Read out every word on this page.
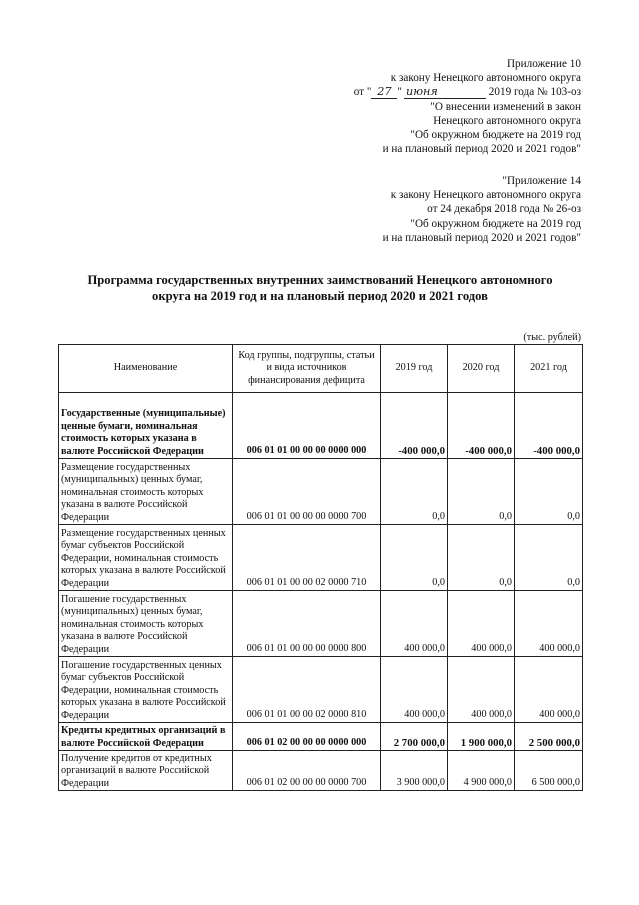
Приложение 10
к закону Ненецкого автономного округа
от " 27 " июня	2019 года № 103-оз
"О внесении изменений в закон
Ненецкого автономного округа
"Об окружном бюджете на 2019 год
и на плановый период 2020 и 2021 годов"
"Приложение 14
к закону Ненецкого автономного округа
от 24 декабря 2018 года № 26-оз
"Об окружном бюджете на 2019 год
и на плановый период 2020 и 2021 годов"
Программа государственных внутренних заимствований Ненецкого автономного
округа на 2019 год и на плановый период 2020 и 2021 годов
(тыс. рублей)
Наименование	Код группы, подгруппы, статьи и вида источников финансирования дефицита	2019 год	2020 год	2021 год
Государственные (муниципальные) ценные бумаги, номинальная стоимость которых указана в валюте Российской Федерации	006 01 01 00 00 00 0000 000	-400 000,0	-400 000,0	-400 000,0
Размещение государственных (муниципальных) ценных бумаг, номинальная стоимость которых указана в валюте Российской Федерации	006 01 01 00 00 00 0000 700	0,0	0,0	0,0
Размещение государственных ценных бумаг субъектов Российской Федерации, номинальная стоимость которых указана в валюте Российской Федерации	006 01 01 00 00 02 0000 710	0,0	0,0	0,0
Погашение государственных (муниципальных) ценных бумаг, номинальная стоимость которых указана в валюте Российской Федерации	006 01 01 00 00 00 0000 800	400 000,0	400 000,0	400 000,0
Погашение государственных ценных бумаг субъектов Российской Федерации, номинальная стоимость которых указана в валюте Российской Федерации	006 01 01 00 00 02 0000 810	400 000,0	400 000,0	400 000,0
Кредиты кредитных организаций в валюте Российской Федерации	006 01 02 00 00 00 0000 000	2 700 000,0	1 900 000,0	2 500 000,0
Получение кредитов от кредитных организаций в валюте Российской Федерации	006 01 02 00 00 00 0000 700	3 900 000,0	4 900 000,0	6 500 000,0
